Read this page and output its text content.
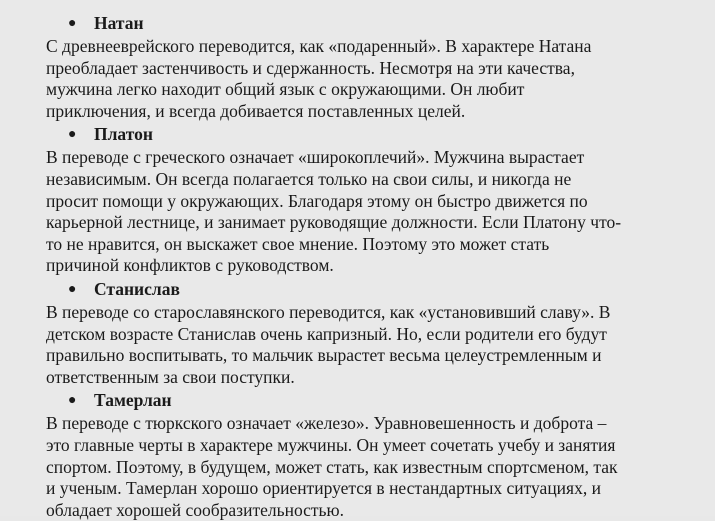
● Натан

С древнееврейского переводится, как «подаренный». В характере Натана
преобладает застенчивость и сдержанность. Несмотря на эти качества,
мужчина легко находит общий язык с окружающими. Он любит
приключения, и всегда добивается поставленных целей.

● Платон

В переводе с греческого означает «широкоплечий». Мужчина вырастает
независимым. Он всегда полагается только на свои силы, и никогда не
просит помощи у окружающих. Благодаря этому он быстро движется по
карьерной лестнице, и занимает руководящие должности. Если Платону что-
то не нравится, он выскажет свое мнение. Поэтому это может стать
причиной конфликтов с руководством.

● Станислав

В переводе со старославянского переводится, как «установивший славу». В
детском возрасте Станислав очень капризный. Но, если родители его будут
правильно воспитывать, то мальчик вырастет весьма целеустремленным и
ответственным за свои поступки.

● Тамерлан

В переводе с тюркского означает «железо». Уравновешенность и доброта –
это главные черты в характере мужчины. Он умеет сочетать учебу и занятия
спортом. Поэтому, в будущем, может стать, как известным спортсменом, так
и ученым. Тамерлан хорошо ориентируется в нестандартных ситуациях, и
обладает хорошей сообразительностью.
